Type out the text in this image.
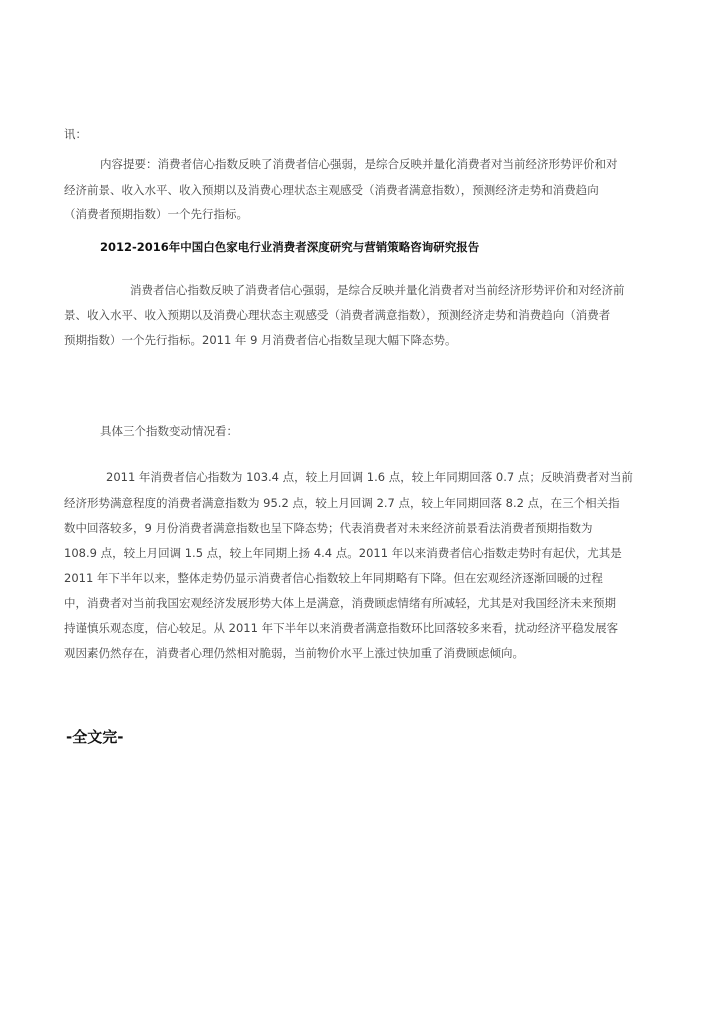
讯：
内容提要：消费者信心指数反映了消费者信心强弱，是综合反映并量化消费者对当前经济形势评价和对
经济前景、收入水平、收入预期以及消费心理状态主观感受（消费者满意指数），预测经济走势和消费趋向
（消费者预期指数）一个先行指标。
2012-2016年中国白色家电行业消费者深度研究与营销策略咨询研究报告
消费者信心指数反映了消费者信心强弱，是综合反映并量化消费者对当前经济形势评价和对经济前
景、收入水平、收入预期以及消费心理状态主观感受（消费者满意指数），预测经济走势和消费趋向（消费者
预期指数）一个先行指标。2011 年 9 月消费者信心指数呈现大幅下降态势。
具体三个指数变动情况看：
2011 年消费者信心指数为 103.4 点，较上月回调 1.6 点，较上年同期回落 0.7 点；反映消费者对当前
经济形势满意程度的消费者满意指数为 95.2 点，较上月回调 2.7 点，较上年同期回落 8.2 点，在三个相关指
数中回落较多，9 月份消费者满意指数也呈下降态势；代表消费者对未来经济前景看法消费者预期指数为
108.9 点，较上月回调 1.5 点，较上年同期上扬 4.4 点。2011 年以来消费者信心指数走势时有起伏，尤其是
2011 年下半年以来，整体走势仍显示消费者信心指数较上年同期略有下降。但在宏观经济逐渐回暖的过程
中，消费者对当前我国宏观经济发展形势大体上是满意，消费顾虑情绪有所减轻，尤其是对我国经济未来预期
持谨慎乐观态度，信心较足。从 2011 年下半年以来消费者满意指数环比回落较多来看，扰动经济平稳发展客
观因素仍然存在，消费者心理仍然相对脆弱，当前物价水平上涨过快加重了消费顾虑倾向。
-全文完-
